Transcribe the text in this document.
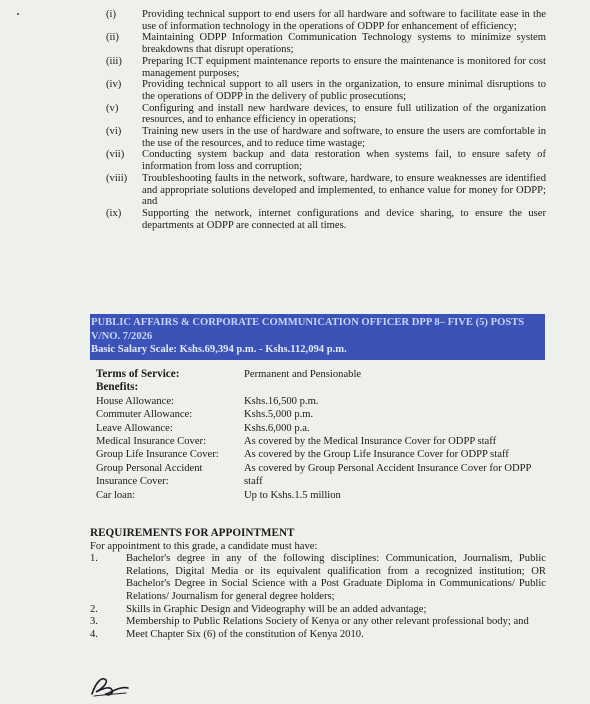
(i)	Providing technical support to end users for all hardware and software to facilitate ease in the use of information technology in the operations of ODPP for enhancement of efficiency;
(ii)	Maintaining ODPP Information Communication Technology systems to minimize system breakdowns that disrupt operations;
(iii)	Preparing ICT equipment maintenance reports to ensure the maintenance is monitored for cost management purposes;
(iv)	Providing technical support to all users in the organization, to ensure minimal disruptions to the operations of ODPP in the delivery of public prosecutions;
(v)	Configuring and install new hardware devices, to ensure full utilization of the organization resources, and to enhance efficiency in operations;
(vi)	Training new users in the use of hardware and software, to ensure the users are comfortable in the use of the resources, and to reduce time wastage;
(vii)	Conducting system backup and data restoration when systems fail, to ensure safety of information from loss and corruption;
(viii)	Troubleshooting faults in the network, software, hardware, to ensure weaknesses are identified and appropriate solutions developed and implemented, to enhance value for money for ODPP; and
(ix)	Supporting the network, internet configurations and device sharing, to ensure the user departments at ODPP are connected at all times.
PUBLIC AFFAIRS & CORPORATE COMMUNICATION OFFICER DPP 8– FIVE (5) POSTS V/NO. 7/2026
Basic Salary Scale: Kshs.69,394 p.m. - Kshs.112,094 p.m.
Terms of Service:	Permanent and Pensionable
Benefits:
House Allowance:	Kshs.16,500 p.m.
Commuter Allowance:	Kshs.5,000 p.m.
Leave Allowance:	Kshs.6,000 p.a.
Medical Insurance Cover:	As covered by the Medical Insurance Cover for ODPP staff
Group Life Insurance Cover:	As covered by the Group Life Insurance Cover for ODPP staff
Group Personal Accident Insurance Cover:
As covered by Group Personal Accident Insurance Cover for ODPP staff
Car loan:	Up to Kshs.1.5 million
REQUIREMENTS FOR APPOINTMENT
For appointment to this grade, a candidate must have:
1.	Bachelor's degree in any of the following disciplines: Communication, Journalism, Public Relations, Digital Media or its equivalent qualification from a recognized institution; OR Bachelor's Degree in Social Science with a Post Graduate Diploma in Communications/ Public Relations/ Journalism for general degree holders;
2.	Skills in Graphic Design and Videography will be an added advantage;
3.	Membership to Public Relations Society of Kenya or any other relevant professional body; and
4.	Meet Chapter Six (6) of the constitution of Kenya 2010.
